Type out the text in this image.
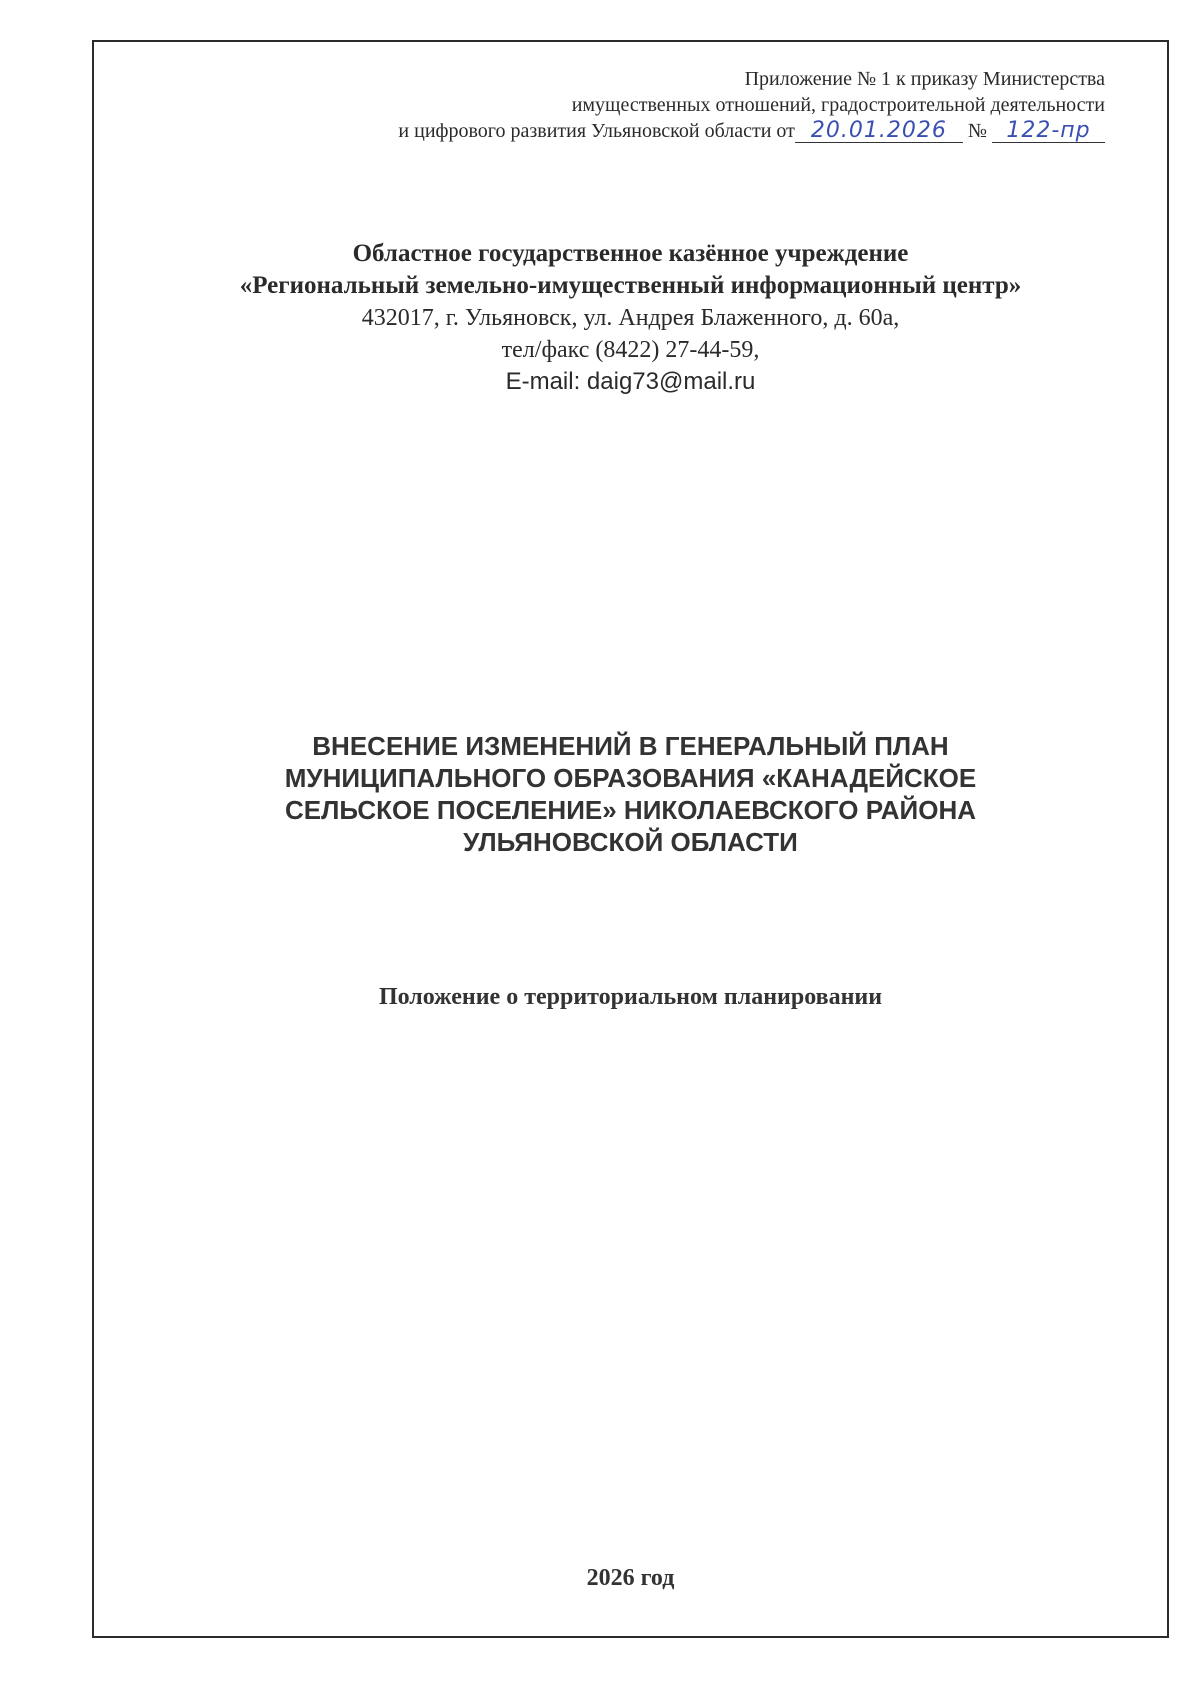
Приложение № 1 к приказу Министерства
имущественных отношений, градостроительной деятельности
и цифрового развития Ульяновской области от 20.01.2026 № 122-пр
Областное государственное казённое учреждение
«Региональный земельно-имущественный информационный центр»
432017, г. Ульяновск, ул. Андрея Блаженного, д. 60а,
тел/факс (8422) 27-44-59,
E-mail: daig73@mail.ru
ВНЕСЕНИЕ ИЗМЕНЕНИЙ В ГЕНЕРАЛЬНЫЙ ПЛАН
МУНИЦИПАЛЬНОГО ОБРАЗОВАНИЯ «КАНАДЕЙСКОЕ
СЕЛЬСКОЕ ПОСЕЛЕНИЕ» НИКОЛАЕВСКОГО РАЙОНА
УЛЬЯНОВСКОЙ ОБЛАСТИ
Положение о территориальном планировании
2026 год
